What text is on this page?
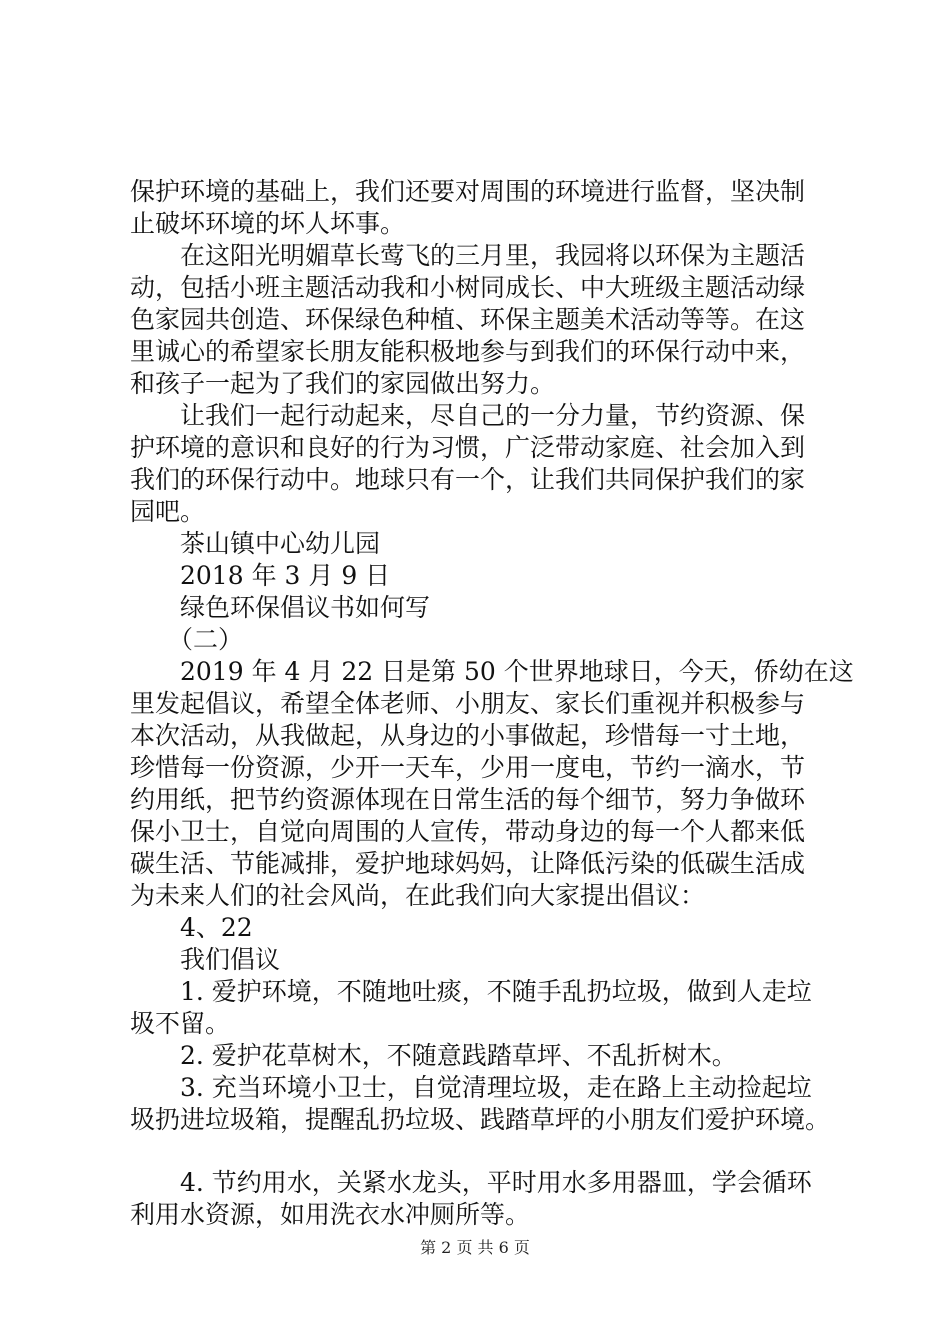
保护环境的基础上，我们还要对周围的环境进行监督，坚决制
止破坏环境的坏人坏事。
在这阳光明媚草长莺飞的三月里，我园将以环保为主题活
动，包括小班主题活动我和小树同成长、中大班级主题活动绿
色家园共创造、环保绿色种植、环保主题美术活动等等。在这
里诚心的希望家长朋友能积极地参与到我们的环保行动中来，
和孩子一起为了我们的家园做出努力。
让我们一起行动起来，尽自己的一分力量，节约资源、保
护环境的意识和良好的行为习惯，广泛带动家庭、社会加入到
我们的环保行动中。地球只有一个，让我们共同保护我们的家
园吧。
茶山镇中心幼儿园
2018 年 3 月 9 日
绿色环保倡议书如何写
（二）
2019 年 4 月 22 日是第 50 个世界地球日，今天，侨幼在这
里发起倡议，希望全体老师、小朋友、家长们重视并积极参与
本次活动，从我做起，从身边的小事做起，珍惜每一寸土地，
珍惜每一份资源，少开一天车，少用一度电，节约一滴水，节
约用纸，把节约资源体现在日常生活的每个细节，努力争做环
保小卫士，自觉向周围的人宣传，带动身边的每一个人都来低
碳生活、节能减排，爱护地球妈妈，让降低污染的低碳生活成
为未来人们的社会风尚，在此我们向大家提出倡议：
4、22
我们倡议
1. 爱护环境，不随地吐痰，不随手乱扔垃圾，做到人走垃
圾不留。
2. 爱护花草树木，不随意践踏草坪、不乱折树木。
3. 充当环境小卫士，自觉清理垃圾，走在路上主动捡起垃
圾扔进垃圾箱，提醒乱扔垃圾、践踏草坪的小朋友们爱护环境。
4. 节约用水，关紧水龙头，平时用水多用器皿，学会循环
利用水资源，如用洗衣水冲厕所等。
第 2 页 共 6 页
